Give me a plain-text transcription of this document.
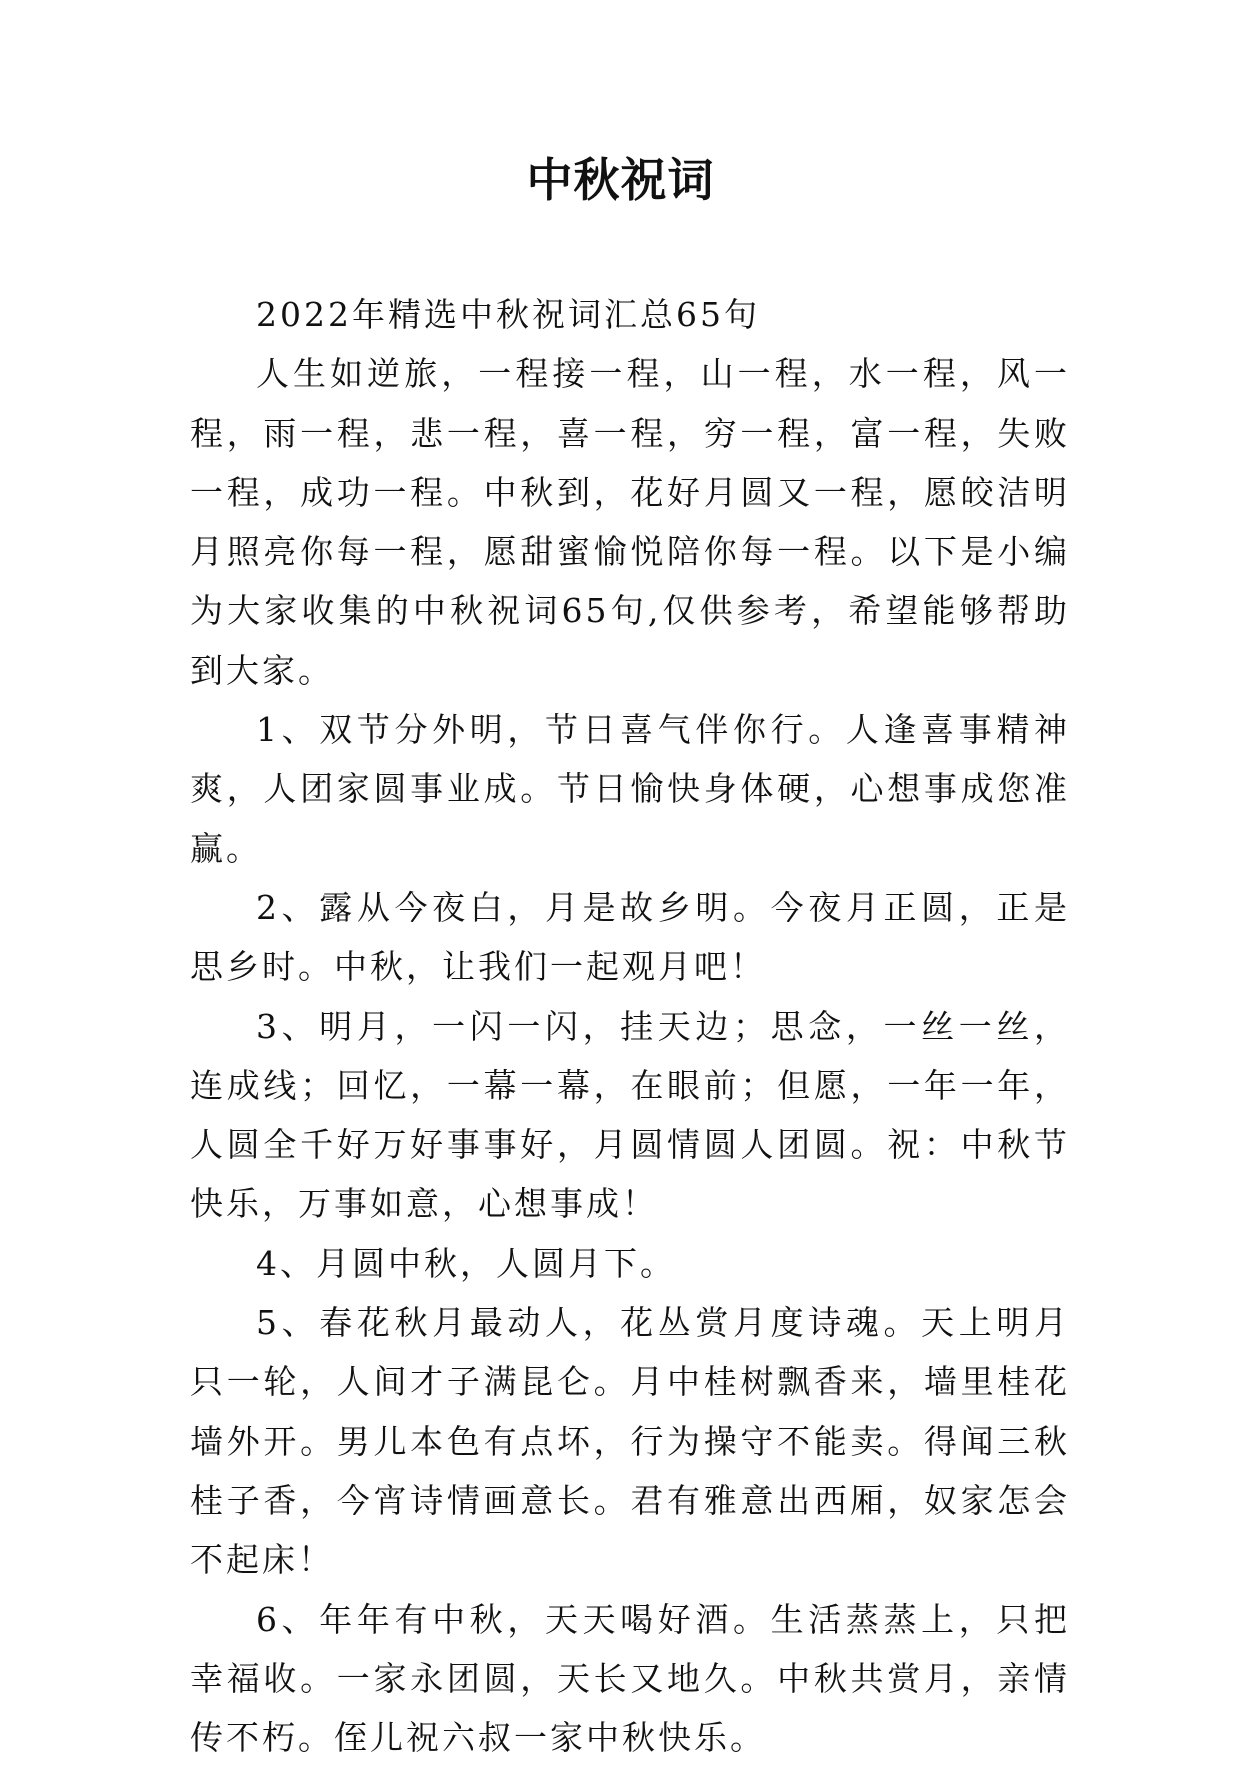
中秋祝词

2022年精选中秋祝词汇总65句

人生如逆旅，一程接一程，山一程，水一程，风一程，雨一程，悲一程，喜一程，穷一程，富一程，失败一程，成功一程。中秋到，花好月圆又一程，愿皎洁明月照亮你每一程，愿甜蜜愉悦陪你每一程。以下是小编为大家收集的中秋祝词65句,仅供参考，希望能够帮助到大家。

1、双节分外明，节日喜气伴你行。人逢喜事精神爽，人团家圆事业成。节日愉快身体硬，心想事成您准赢。

2、露从今夜白，月是故乡明。今夜月正圆，正是思乡时。中秋，让我们一起观月吧！

3、明月，一闪一闪，挂天边；思念，一丝一丝，连成线；回忆，一幕一幕，在眼前；但愿，一年一年，人圆全千好万好事事好，月圆情圆人团圆。祝：中秋节快乐，万事如意，心想事成！

4、月圆中秋，人圆月下。

5、春花秋月最动人，花丛赏月度诗魂。天上明月只一轮，人间才子满昆仑。月中桂树飘香来，墙里桂花墙外开。男儿本色有点坏，行为操守不能卖。得闻三秋桂子香，今宵诗情画意长。君有雅意出西厢，奴家怎会不起床！

6、年年有中秋，天天喝好酒。生活蒸蒸上，只把幸福收。一家永团圆，天长又地久。中秋共赏月，亲情传不朽。侄儿祝六叔一家中秋快乐。
